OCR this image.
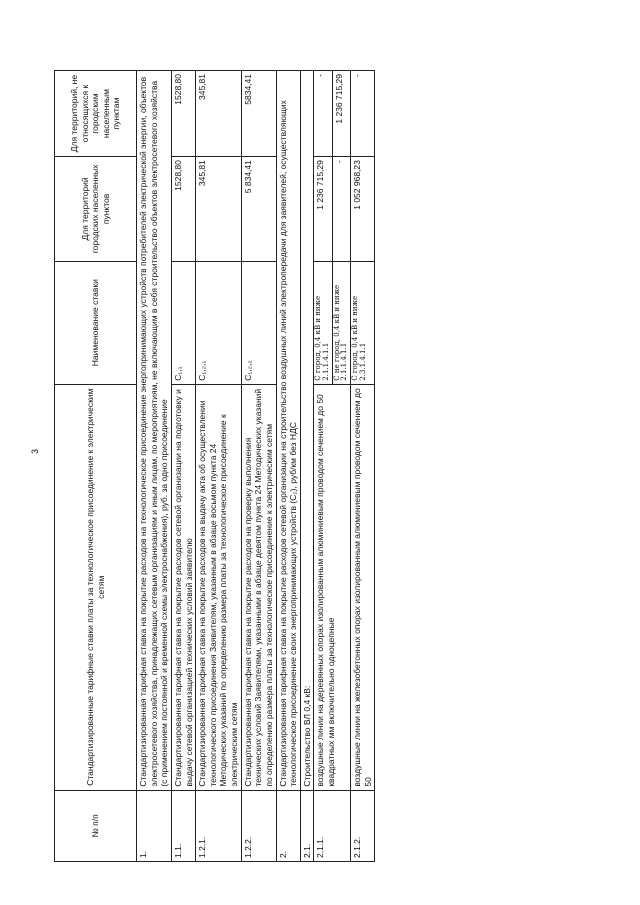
3
№ п/п	Стандартизированные тарифные ставки платы за технологическое присоединение к электрическим сетям	Наименование ставки	Для территорий городских населенных пунктов	Для территорий, не относящихся к городским населенным пунктам
1.	Стандартизированная тарифная ставка на покрытие расходов на технологическое присоединение энергопринимающих устройств потребителей электрической энергии, объектов электросетевого хозяйства, принадлежащих сетевым организациям и иным лицам, по мероприятиям, не включающим в себя строительство объектов электросетевого хозяйства (с применением постоянной и временной схемы электроснабжения), руб. за одно присоединение			
1.1.	Стандартизированная тарифная ставка на покрытие расходов сетевой организации на подготовку и выдачу сетевой организацией технических условий заявителю	C₁,₁	1528,80	1528,80
1.2.1.	Стандартизированная тарифная ставка на покрытие расходов на выдачу акта об осуществлении технологического присоединения Заявителям, указанным в абзаце восьмом пункта 24 Методических указаний по определению размера платы за технологическое присоединение к электрическим сетям	C₁,₂,₁	345,81	345,81
1.2.2.	Стандартизированная тарифная ставка на покрытие расходов на проверку выполнения технических условий Заявителями, указанными в абзаце девятом пункта 24 Методических указаний по определению размера платы за технологическое присоединение к электрическим сетям	C₁,₂,₂	5 834,41	5834,41
2.	Стандартизированная тарифная ставка на покрытие расходов сетевой организации на строительство воздушных линий электропередачи для заявителей, осуществляющих технологическое присоединение своих энергопринимающих устройств (C₂), руб/км без НДС			
2.1.	Строительство ВЛ 0,4 кВ:			
2.1.1.	воздушные линии на деревянных опорах изолированным алюминиевым проводом сечением до 50 квадратных мм включительно одноцепные	C город, 0,4 кВ и ниже 2.1.1.4.1.1	1 236 715,29	-
		C не город, 0,4 кВ и ниже 2.1.1.4.1.1	-	1 236 715,29
2.1.2.	воздушные линии на железобетонных опорах изолированным алюминиевым проводом сечением до 50	C город, 0,4 кВ и ниже 2.3.1.4.1.1	1 052 968,23	-
